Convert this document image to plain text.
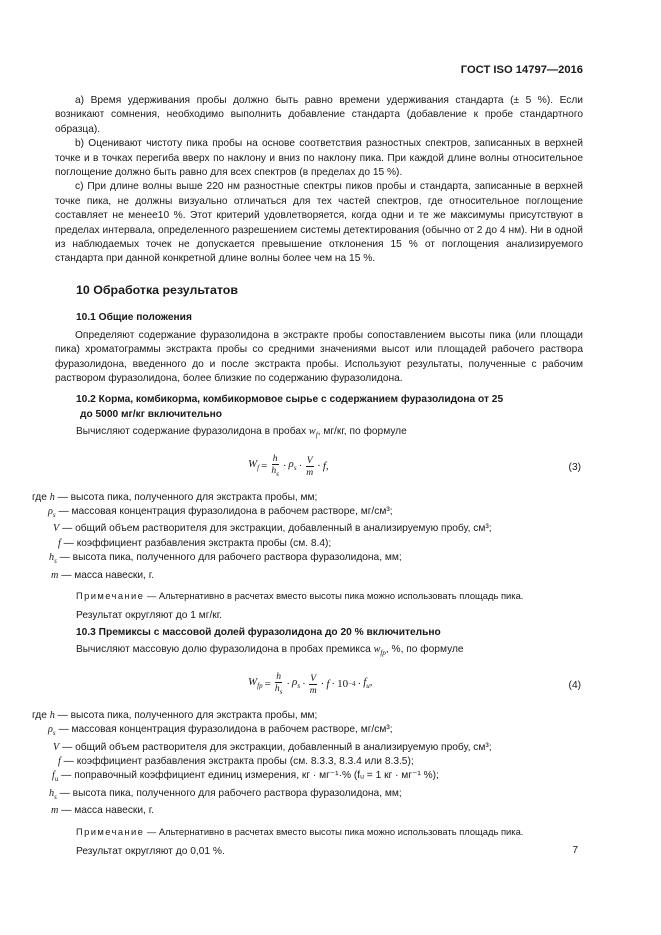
ГОСТ ISO 14797—2016

а) Время удерживания пробы должно быть равно времени удерживания стандарта (± 5 %). Если возникают сомнения, необходимо выполнить добавление стандарта (добавление к пробе стандартного образца).

b) Оценивают чистоту пика пробы на основе соответствия разностных спектров, записанных в верхней точке и в точках перегиба вверх по наклону и вниз по наклону пика. При каждой длине волны относительное поглощение должно быть равно для всех спектров (в пределах до 15 %).

с) При длине волны выше 220 нм разностные спектры пиков пробы и стандарта, записанные в верхней точке пика, не должны визуально отличаться для тех частей спектров, где относительное поглощение составляет не менее10 %. Этот критерий удовлетворяется, когда одни и те же максимумы присутствуют в пределах интервала, определенного разрешением системы детектирования (обычно от 2 до 4 нм). Ни в одной из наблюдаемых точек не допускается превышение отклонения 15 % от поглощения анализируемого стандарта при данной конкретной длине волны более чем на 15 %.

10 Обработка результатов
10.1 Общие положения

Определяют содержание фуразолидона в экстракте пробы сопоставлением высоты пика (или площади пика) хроматограммы экстракта пробы со средними значениями высот или площадей рабочего раствора фуразолидона, введенного до и после экстракта пробы. Используют результаты, полученные с рабочим раствором фуразолидона, более близкие по содержанию фуразолидона.

10.2 Корма, комбикорма, комбикормовое сырье с содержанием фуразолидона от 25
до 5000 мг/кг включительно

Вычисляют содержание фуразолидона в пробах $w_f$, мг/кг, по формуле

$W_f = \frac{h}{h_s} \cdot \rho_s \cdot \frac{V}{m} \cdot f$,	(3)

где h — высота пика, полученного для экстракта пробы, мм;

$\rho_s$ — массовая концентрация фуразолидона в рабочем растворе, мг/см³;

V — общий объем растворителя для экстракции, добавленный в анализируемую пробу, см³;

f — коэффициент разбавления экстракта пробы (см. 8.4);

$h_s$ — высота пика, полученного для рабочего раствора фуразолидона, мм;

m — масса навески, г.

Примечание — Альтернативно в расчетах вместо высоты пика можно использовать площадь пика.

Результат округляют до 1 мг/кг.

10.3 Премиксы с массовой долей фуразолидона до 20 % включительно

Вычисляют массовую долю фуразолидона в пробах премикса $w_{fp}$, %, по формуле

$W_{fp} = \frac{h}{h_s} \cdot \rho_s \cdot \frac{V}{m} \cdot f \cdot 10 -4 \cdot f_u$,	(4)

где h — высота пика, полученного для экстракта пробы, мм;

$\rho_s$ — массовая концентрация фуразолидона в рабочем растворе, мг/см³;

V — общий объем растворителя для экстракции, добавленный в анализируемую пробу, см³;

f — коэффициент разбавления экстракта пробы (см. 8.3.3, 8.3.4 или 8.3.5);

$f_u$ — поправочный коэффициент единиц измерения, кг · мг⁻¹·% (fᵤ = 1 кг · мг⁻¹ %);

$h_s$ — высота пика, полученного для рабочего раствора фуразолидона, мм;

m — масса навески, г.

Примечание — Альтернативно в расчетах вместо высоты пика можно использовать площадь пика.

Результат округляют до 0,01 %.	7
